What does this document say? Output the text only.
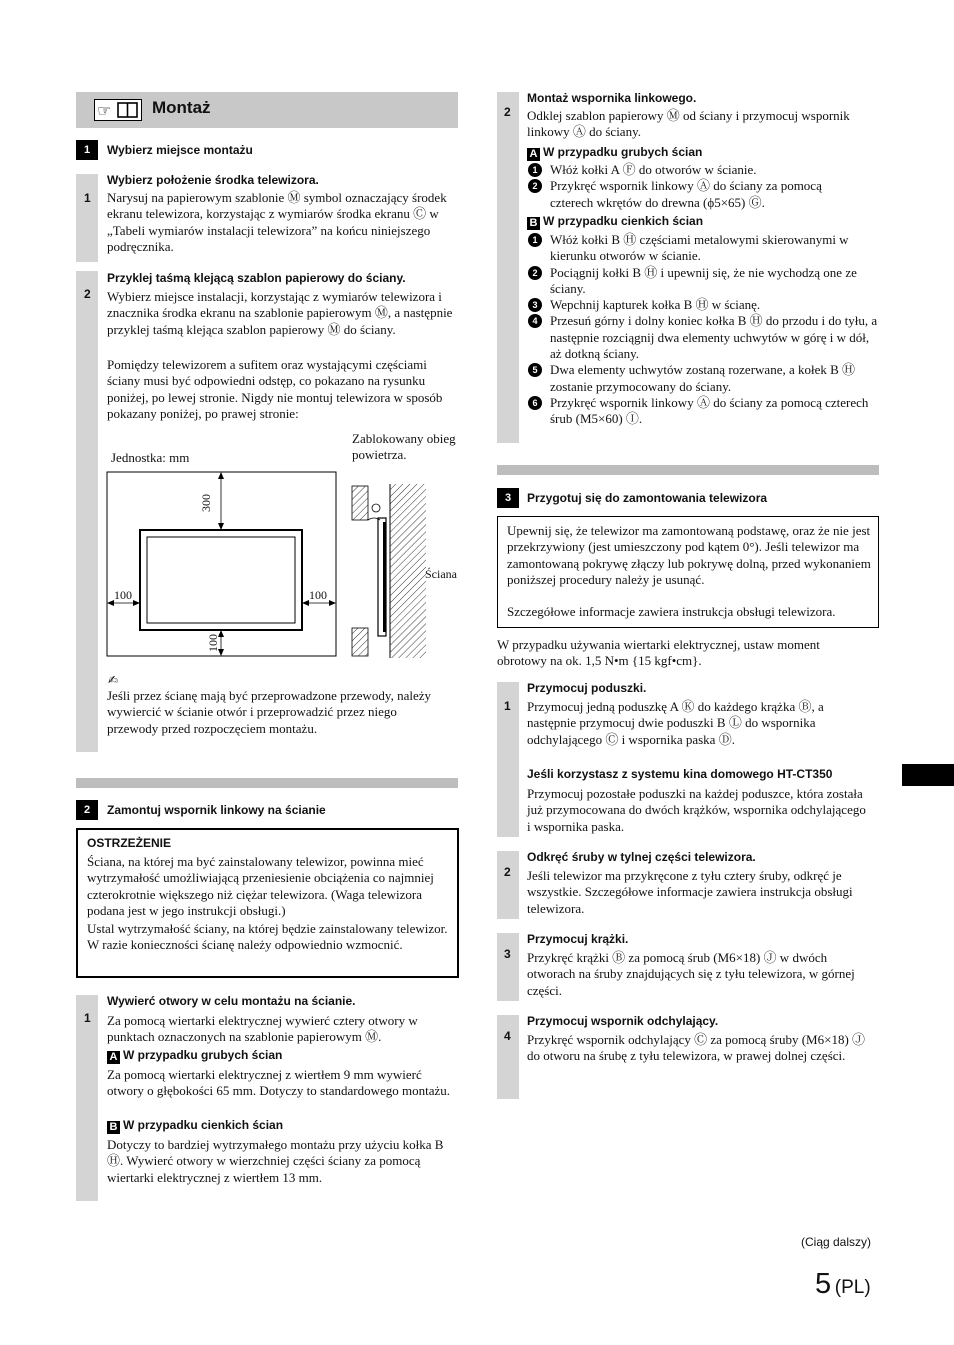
☞ Montaż
1	Wybierz miejsce montażu
1
Wybierz położenie środka telewizora.
Narysuj na papierowym szablonie Ⓜ symbol oznaczający środek ekranu telewizora, korzystając z wymiarów środka ekranu Ⓒ w „Tabeli wymiarów instalacji telewizora” na końcu niniejszego podręcznika.
2
Przyklej taśmą klejącą szablon papierowy do ściany.
Wybierz miejsce instalacji, korzystając z wymiarów telewizora i znacznika środka ekranu na szablonie papierowym Ⓜ, a następnie przyklej taśmą klejąca szablon papierowy Ⓜ do ściany.
Pomiędzy telewizorem a sufitem oraz wystającymi częściami ściany musi być odpowiedni odstęp, co pokazano na rysunku poniżej, po lewej stronie. Nigdy nie montuj telewizora w sposób pokazany poniżej, po prawej stronie:
Jednostka: mm
Zablokowany obieg powietrza.
300
100	100
100
Ściana
✍
Jeśli przez ścianę mają być przeprowadzone przewody, należy wywiercić w ścianie otwór i przeprowadzić przez niego przewody przed rozpoczęciem montażu.
2	Zamontuj wspornik linkowy na ścianie
OSTRZEŻENIE
Ściana, na której ma być zainstalowany telewizor, powinna mieć wytrzymałość umożliwiającą przeniesienie obciążenia co najmniej czterokrotnie większego niż ciężar telewizora. (Waga telewizora podana jest w jego instrukcji obsługi.)
Ustal wytrzymałość ściany, na której będzie zainstalowany telewizor. W razie konieczności ścianę należy odpowiednio wzmocnić.
1
Wywierć otwory w celu montażu na ścianie.
Za pomocą wiertarki elektrycznej wywierć cztery otwory w punktach oznaczonych na szablonie papierowym Ⓜ.
A W przypadku grubych ścian
Za pomocą wiertarki elektrycznej z wiertłem 9 mm wywierć otwory o głębokości 65 mm. Dotyczy to standardowego montażu.
B W przypadku cienkich ścian
Dotyczy to bardziej wytrzymałego montażu przy użyciu kołka B Ⓗ. Wywierć otwory w wierzchniej części ściany za pomocą wiertarki elektrycznej z wiertłem 13 mm.
2
Montaż wspornika linkowego.
Odklej szablon papierowy Ⓜ od ściany i przymocuj wspornik linkowy Ⓐ do ściany.
A W przypadku grubych ścian
1 Włóż kołki A Ⓕ do otworów w ścianie.
2 Przykręć wspornik linkowy Ⓐ do ściany za pomocą czterech wkrętów do drewna (ϕ5×65) Ⓖ.
B W przypadku cienkich ścian
1 Włóż kołki B Ⓗ częściami metalowymi skierowanymi w kierunku otworów w ścianie.
2 Pociągnij kołki B Ⓗ i upewnij się, że nie wychodzą one ze ściany.
3 Wepchnij kapturek kołka B Ⓗ w ścianę.
4 Przesuń górny i dolny koniec kołka B Ⓗ do przodu i do tyłu, a następnie rozciągnij dwa elementy uchwytów w górę i w dół, aż dotkną ściany.
5 Dwa elementy uchwytów zostaną rozerwane, a kołek B Ⓗ zostanie przymocowany do ściany.
6 Przykręć wspornik linkowy Ⓐ do ściany za pomocą czterech śrub (M5×60) Ⓘ.
3	Przygotuj się do zamontowania telewizora
Upewnij się, że telewizor ma zamontowaną podstawę, oraz że nie jest przekrzywiony (jest umieszczony pod kątem 0°). Jeśli telewizor ma zamontowaną pokrywę złączy lub pokrywę dolną, przed wykonaniem poniższej procedury należy je usunąć.
Szczegółowe informacje zawiera instrukcja obsługi telewizora.
W przypadku używania wiertarki elektrycznej, ustaw moment obrotowy na ok. 1,5 N•m {15 kgf•cm}.
1
Przymocuj poduszki.
Przymocuj jedną poduszkę A Ⓚ do każdego krążka Ⓑ, a następnie przymocuj dwie poduszki B Ⓛ do wspornika odchylającego Ⓒ i wspornika paska Ⓓ.
Jeśli korzystasz z systemu kina domowego HT-CT350
Przymocuj pozostałe poduszki na każdej poduszce, która została już przymocowana do dwóch krążków, wspornika odchylającego i wspornika paska.
2
Odkręć śruby w tylnej części telewizora.
Jeśli telewizor ma przykręcone z tyłu cztery śruby, odkręć je wszystkie. Szczegółowe informacje zawiera instrukcja obsługi telewizora.
3
Przymocuj krążki.
Przykręć krążki Ⓑ za pomocą śrub (M6×18) Ⓙ w dwóch otworach na śruby znajdujących się z tyłu telewizora, w górnej części.
4
Przymocuj wspornik odchylający.
Przykręć wspornik odchylający Ⓒ za pomocą śruby (M6×18) Ⓙ do otworu na śrubę z tyłu telewizora, w prawej dolnej części.
(Ciąg dalszy)
5 (PL)
